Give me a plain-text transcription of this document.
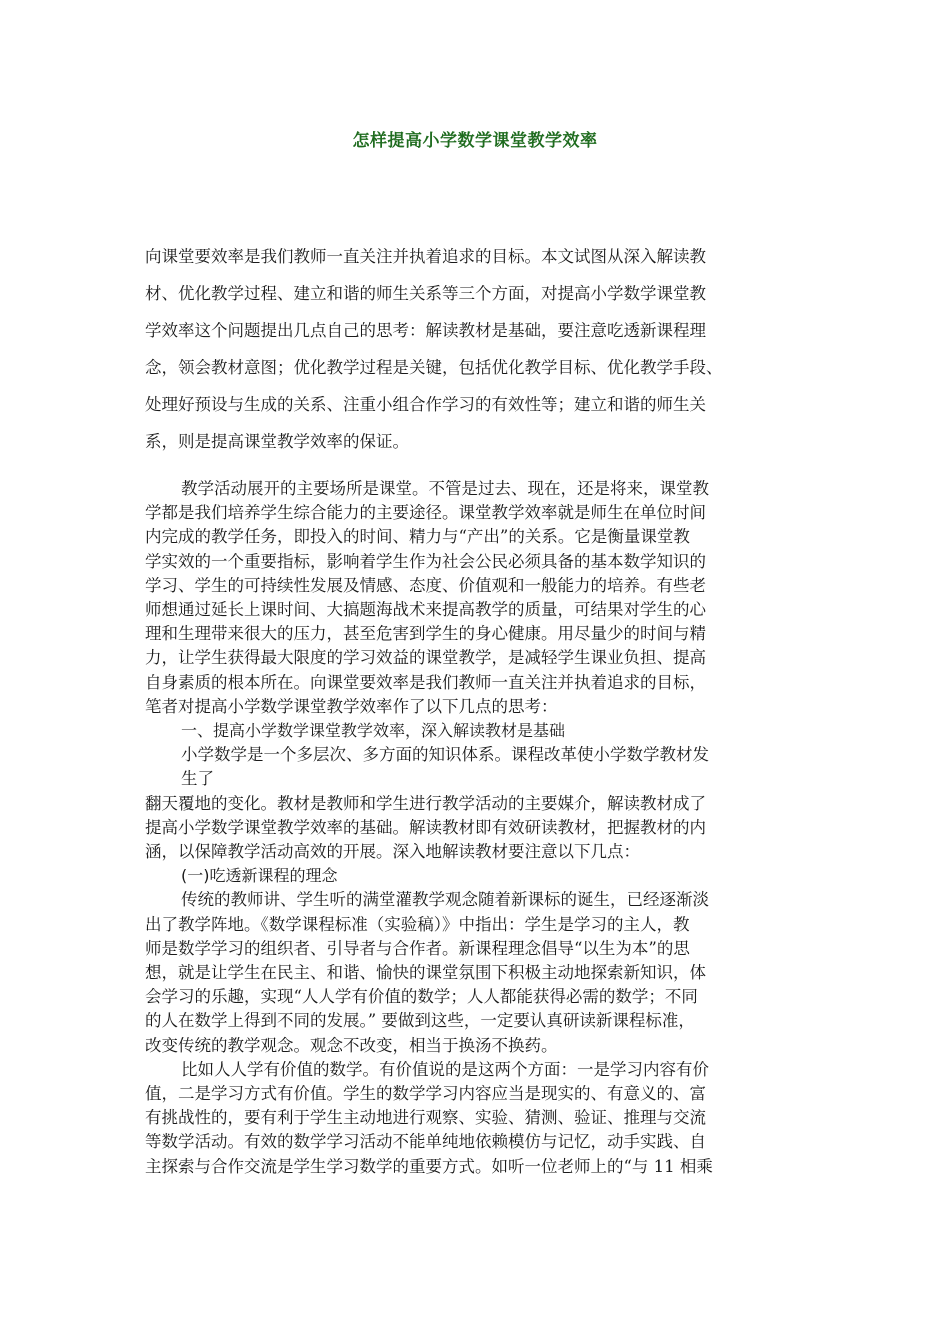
怎样提高小学数学课堂教学效率
向课堂要效率是我们教师一直关注并执着追求的目标。本文试图从深入解读教
材、优化教学过程、建立和谐的师生关系等三个方面，对提高小学数学课堂教
学效率这个问题提出几点自己的思考：解读教材是基础，要注意吃透新课程理
念，领会教材意图；优化教学过程是关键，包括优化教学目标、优化教学手段、
处理好预设与生成的关系、注重小组合作学习的有效性等；建立和谐的师生关
系，则是提高课堂教学效率的保证。
教学活动展开的主要场所是课堂。不管是过去、现在，还是将来，课堂教
学都是我们培养学生综合能力的主要途径。课堂教学效率就是师生在单位时间
内完成的教学任务，即投入的时间、精力与“产出”的关系。它是衡量课堂教
学实效的一个重要指标，影响着学生作为社会公民必须具备的基本数学知识的
学习、学生的可持续性发展及情感、态度、价值观和一般能力的培养。有些老
师想通过延长上课时间、大搞题海战术来提高教学的质量，可结果对学生的心
理和生理带来很大的压力，甚至危害到学生的身心健康。用尽量少的时间与精
力，让学生获得最大限度的学习效益的课堂教学，是减轻学生课业负担、提高
自身素质的根本所在。向课堂要效率是我们教师一直关注并执着追求的目标，
笔者对提高小学数学课堂教学效率作了以下几点的思考：
一、提高小学数学课堂教学效率，深入解读教材是基础
小学数学是一个多层次、多方面的知识体系。课程改革使小学数学教材发
生了
翻天覆地的变化。教材是教师和学生进行教学活动的主要媒介，解读教材成了
提高小学数学课堂教学效率的基础。解读教材即有效研读教材，把握教材的内
涵，以保障教学活动高效的开展。深入地解读教材要注意以下几点：
(一)吃透新课程的理念
传统的教师讲、学生听的满堂灌教学观念随着新课标的诞生，已经逐渐淡
出了教学阵地。《数学课程标准（实验稿）》中指出：学生是学习的主人，教
师是数学学习的组织者、引导者与合作者。新课程理念倡导“以生为本”的思
想，就是让学生在民主、和谐、愉快的课堂氛围下积极主动地探索新知识，体
会学习的乐趣，实现“人人学有价值的数学；人人都能获得必需的数学；不同
的人在数学上得到不同的发展。” 要做到这些，一定要认真研读新课程标准，
改变传统的教学观念。观念不改变，相当于换汤不换药。
比如人人学有价值的数学。有价值说的是这两个方面：一是学习内容有价
值，二是学习方式有价值。学生的数学学习内容应当是现实的、有意义的、富
有挑战性的，要有利于学生主动地进行观察、实验、猜测、验证、推理与交流
等数学活动。有效的数学学习活动不能单纯地依赖模仿与记忆，动手实践、自
主探索与合作交流是学生学习数学的重要方式。如听一位老师上的“与 11 相乘
